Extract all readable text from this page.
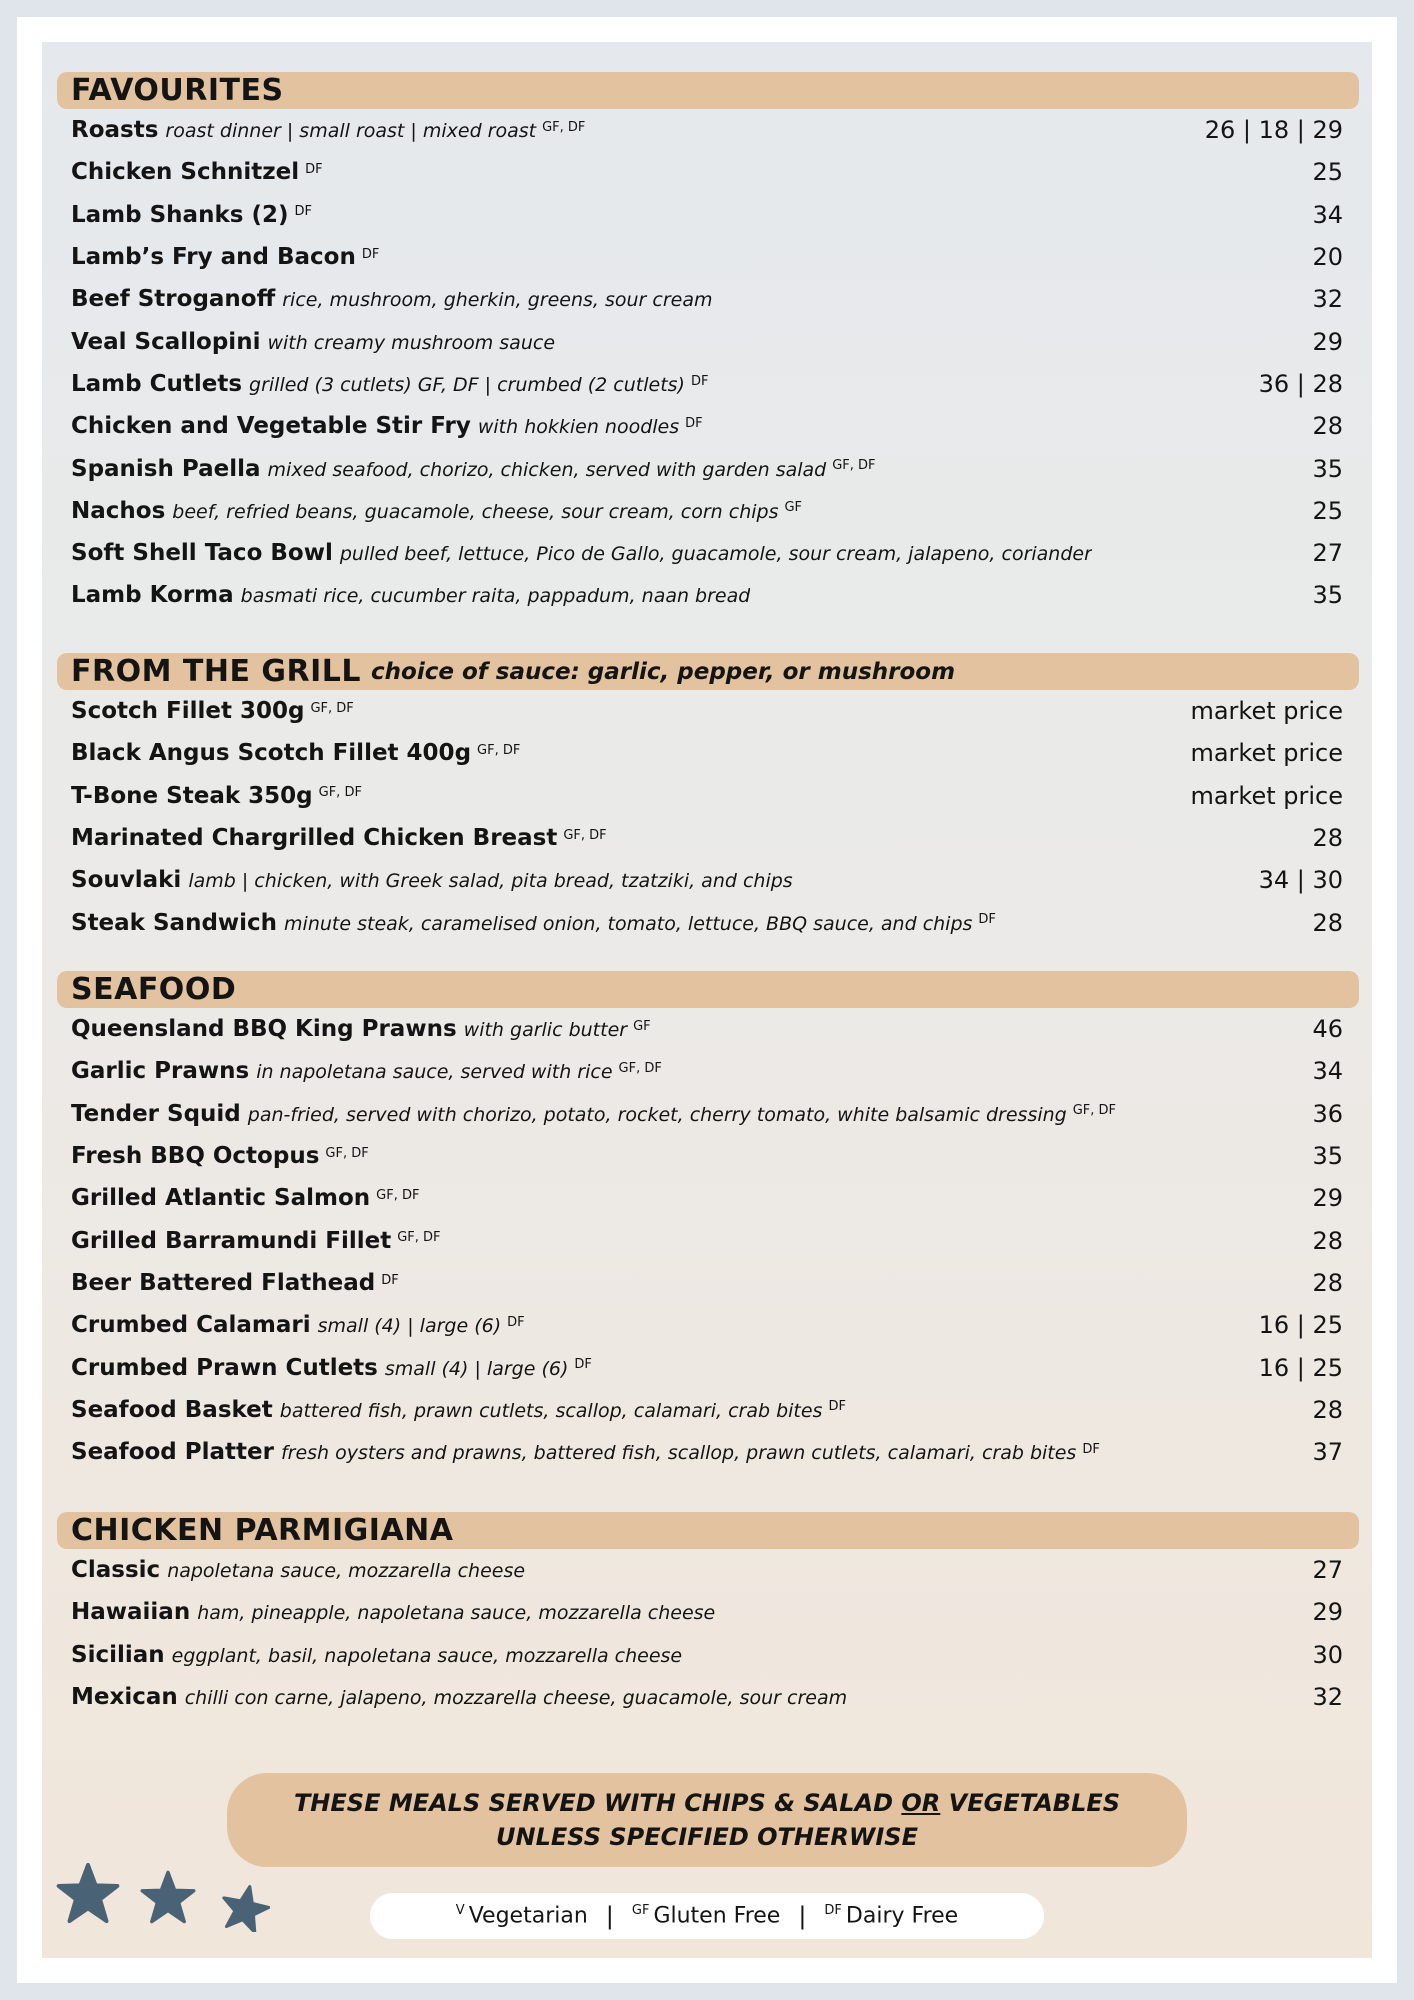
FAVOURITES
Roasts roast dinner | small roast | mixed roast $^{GF, DF}$	26 | 18 | 29
Chicken Schnitzel $^{DF}$	25
Lamb Shanks (2) $^{DF}$	34
Lamb’s Fry and Bacon $^{DF}$	20
Beef Stroganoff rice, mushroom, gherkin, greens, sour cream	32
Veal Scallopini with creamy mushroom sauce	29
Lamb Cutlets grilled (3 cutlets) GF, DF | crumbed (2 cutlets) $^{DF}$	36 | 28
Chicken and Vegetable Stir Fry with hokkien noodles $^{DF}$	28
Spanish Paella mixed seafood, chorizo, chicken, served with garden salad $^{GF, DF}$	35
Nachos beef, refried beans, guacamole, cheese, sour cream, corn chips $^{GF}$	25
Soft Shell Taco Bowl pulled beef, lettuce, Pico de Gallo, guacamole, sour cream, jalapeno, coriander	27
Lamb Korma basmati rice, cucumber raita, pappadum, naan bread	35
FROM THE GRILL choice of sauce: garlic, pepper, or mushroom
Scotch Fillet 300g $^{GF, DF}$	market price
Black Angus Scotch Fillet 400g $^{GF, DF}$	market price
T-Bone Steak 350g $^{GF, DF}$	market price
Marinated Chargrilled Chicken Breast $^{GF, DF}$	28
Souvlaki lamb | chicken, with Greek salad, pita bread, tzatziki, and chips	34 | 30
Steak Sandwich minute steak, caramelised onion, tomato, lettuce, BBQ sauce, and chips $^{DF}$	28
SEAFOOD
Queensland BBQ King Prawns with garlic butter $^{GF}$	46
Garlic Prawns in napoletana sauce, served with rice $^{GF, DF}$	34
Tender Squid pan-fried, served with chorizo, potato, rocket, cherry tomato, white balsamic dressing $^{GF, DF}$	36
Fresh BBQ Octopus $^{GF, DF}$	35
Grilled Atlantic Salmon $^{GF, DF}$	29
Grilled Barramundi Fillet $^{GF, DF}$	28
Beer Battered Flathead $^{DF}$	28
Crumbed Calamari small (4) | large (6) $^{DF}$	16 | 25
Crumbed Prawn Cutlets small (4) | large (6) $^{DF}$	16 | 25
Seafood Basket battered fish, prawn cutlets, scallop, calamari, crab bites $^{DF}$	28
Seafood Platter fresh oysters and prawns, battered fish, scallop, prawn cutlets, calamari, crab bites $^{DF}$	37
CHICKEN PARMIGIANA
Classic napoletana sauce, mozzarella cheese	27
Hawaiian ham, pineapple, napoletana sauce, mozzarella cheese	29
Sicilian eggplant, basil, napoletana sauce, mozzarella cheese	30
Mexican chilli con carne, jalapeno, mozzarella cheese, guacamole, sour cream	32
THESE MEALS SERVED WITH CHIPS & SALAD OR VEGETABLES
UNLESS SPECIFIED OTHERWISE
$^V$ Vegetarian | $^{GF}$ Gluten Free | $^{DF}$ Dairy Free
